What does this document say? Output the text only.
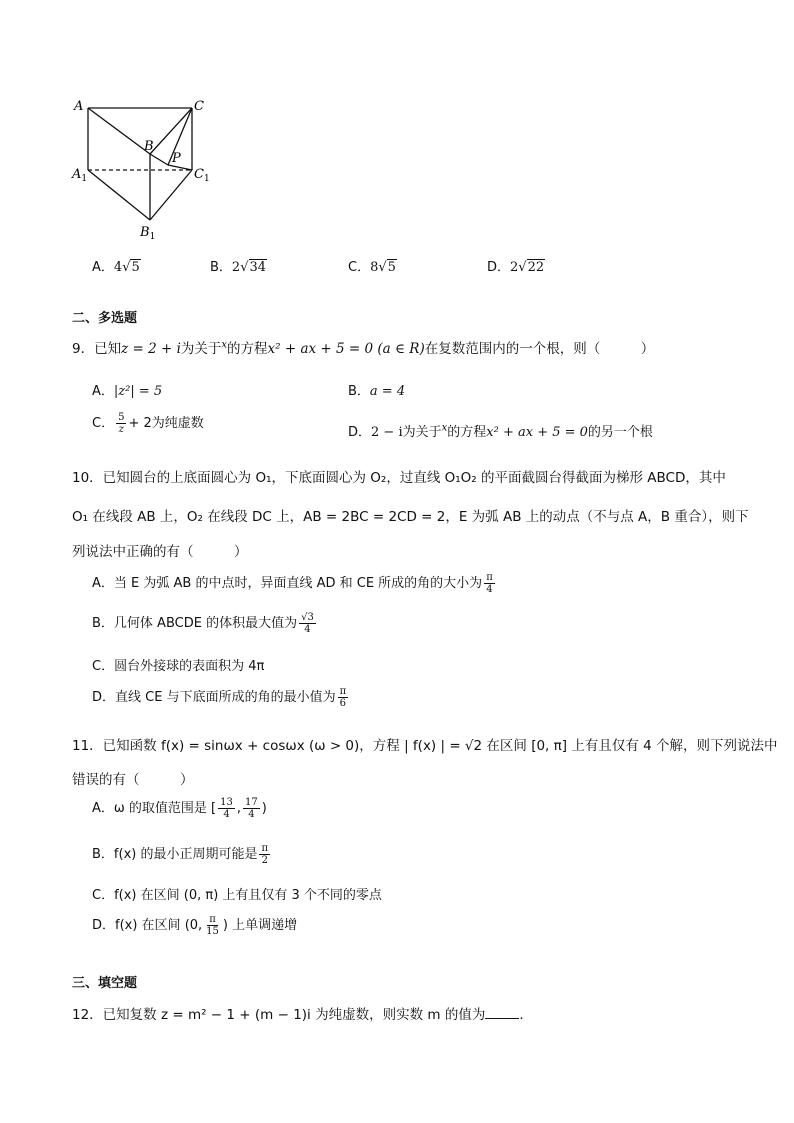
A	C
B
P
$A_1$	$C_1$
$B_1$
A．4√5	B．2√34	C．8√5	D．2√22
二、多选题
9．已知z = 2 + i为关于$^x$的方程x² + ax + 5 = 0 (a ∈ R)在复数范围内的一个根，则（　　　）
A．|z²| = 5	B．a = 4
C． $\frac{5}{z} + 2$为纯虚数
D．2 − i为关于$^x$的方程x² + ax + 5 = 0的另一个根
10．已知圆台的上底面圆心为 O₁，下底面圆心为 O₂，过直线 O₁O₂ 的平面截圆台得截面为梯形 ABCD，其中
O₁ 在线段 AB 上，O₂ 在线段 DC 上，AB = 2BC = 2CD = 2，E 为弧 AB 上的动点（不与点 A，B 重合），则下
列说法中正确的有（　　　）
A．当 E 为弧 AB 的中点时，异面直线 AD 和 CE 所成的角的大小为 $\frac{\pi}{4}$
B．几何体 ABCDE 的体积最大值为 $\frac{√3}{4}$
C．圆台外接球的表面积为 4π
D．直线 CE 与下底面所成的角的最小值为 $\frac{\pi}{6}$
11．已知函数 f(x) = sinωx + cosωx (ω > 0)，方程 | f(x) | = √2 在区间 [0, π] 上有且仅有 4 个解，则下列说法中
错误的有（　　　）
A．ω 的取值范围是 [ $\frac{13}{4}$ , $\frac{17}{4}$ )
B．f(x) 的最小正周期可能是 $\frac{\pi}{2}$
C．f(x) 在区间 (0, π) 上有且仅有 3 个不同的零点
D．f(x) 在区间 (0, $\frac{\pi}{15}$ ) 上单调递增
三、填空题
12．已知复数 z = m² − 1 + (m − 1)i 为纯虚数，则实数 m 的值为	.
